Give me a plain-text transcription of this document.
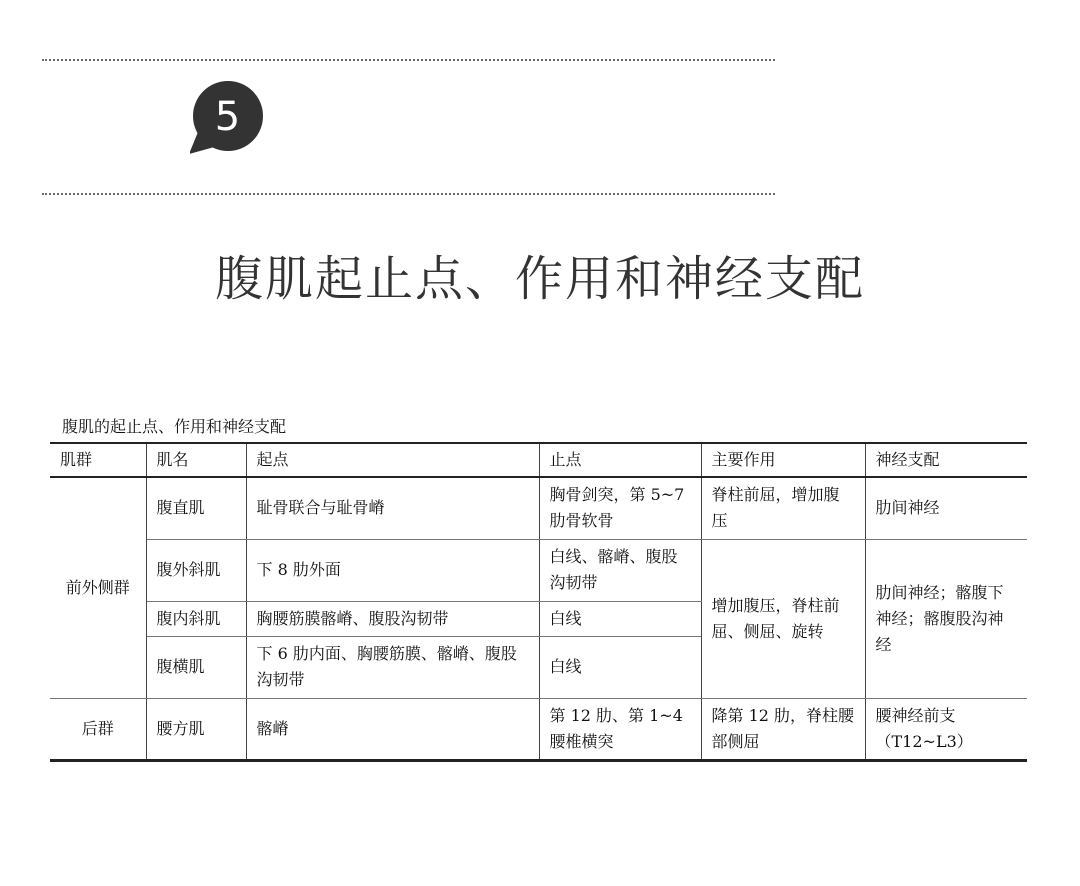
5
腹肌起止点、作用和神经支配
腹肌的起止点、作用和神经支配
肌群	肌名	起点	止点	主要作用	神经支配
前外侧群	腹直肌	耻骨联合与耻骨嵴	胸骨剑突，第 5~7 肋骨软骨	脊柱前屈，增加腹压	肋间神经
	腹外斜肌	下 8 肋外面	白线、髂嵴、腹股沟韧带	增加腹压，脊柱前屈、侧屈、旋转	肋间神经；髂腹下神经；髂腹股沟神经
	腹内斜肌	胸腰筋膜髂嵴、腹股沟韧带	白线		
	腹横肌	下 6 肋内面、胸腰筋膜、髂嵴、腹股沟韧带	白线		
后群	腰方肌	髂嵴	第 12 肋、第 1~4 腰椎横突	降第 12 肋，脊柱腰部侧屈	腰神经前支（T12~L3）
